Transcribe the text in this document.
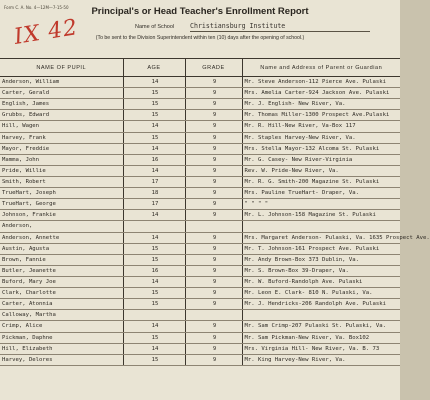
Form C. A. No. 4—12M—7-15-50
IX 42
Principal's or Head Teacher's Enrollment Report
Name of School Christiansburg Institute
(To be sent to the Division Superintendent within ten (10) days after the opening of school.)
NAME OF PUPIL	AGE	GRADE	Name and Address of Parent or Guardian
Anderson, William	14	9	Mr. Steve Anderson-112 Pierce Ave. Pulaski
Carter, Gerald	15	9	Mrs. Amelia Carter-924 Jackson Ave. Pulaski
English, James	15	9	Mr. J. English- New River, Va.
Grubbs, Edward	15	9	Mr. Thomas Miller-1300 Prospect Ave.Pulaski
Hill, Wagen	14	9	Mr. R. Hill-New River, Va-Box 117
Harvey, Frank	15	9	Mr. Staples Harvey-New River, Va.
Mayor, Freddie	14	9	Mrs. Stella Mayor-132 Alcoma St. Pulaski
Mamma, John	16	9	Mr. G. Casey- New River-Virginia
Pride, Willie	14	9	Rev. W. Pride-New River, Va.
Smith, Robert	17	9	Mr. R. G. Smith-200 Magazine St. Pulaski
TrueHart, Joseph	18	9	Mrs. Pauline TrueHart- Draper, Va.
TrueHart, George	17	9	" " " "
Johnson, Frankie	14	9	Mr. L. Johnson-158 Magazine St. Pulaski
Anderson,			
Anderson, Annette	14	9	Mrs. Margaret Anderson- Pulaski, Va. 1635 Prospect Ave.
Austin, Agusta	15	9	Mr. T. Johnson-161 Prospect Ave. Pulaski
Brown, Fannie	15	9	Mr. Andy Brown-Box 373 Dublin, Va.
Butler, Jeanette	16	9	Mr. S. Brown-Box 39-Draper, Va.
Buford, Mary Joe	14	9	Mr. W. Buford-Randolph Ave. Pulaski
Clark, Charlotte	15	9	Mr. Leon E. Clark- 810 N. Pulaski, Va.
Carter, Atonnia	15	9	Mr. J. Hendricks-206 Randolph Ave. Pulaski
Calloway, Martha			
Crimp, Alice	14	9	Mr. Sam Crimp-207 Pulaski St. Pulaski, Va.
Pickman, Daphne	15	9	Mr. Sam Pickman-New River, Va. Box102
Hill, Elizabeth	14	9	Mrs. Virginia Hill- New River, Va. B. 73
Harvey, Delores	15	9	Mr. King Harvey-New River, Va.
